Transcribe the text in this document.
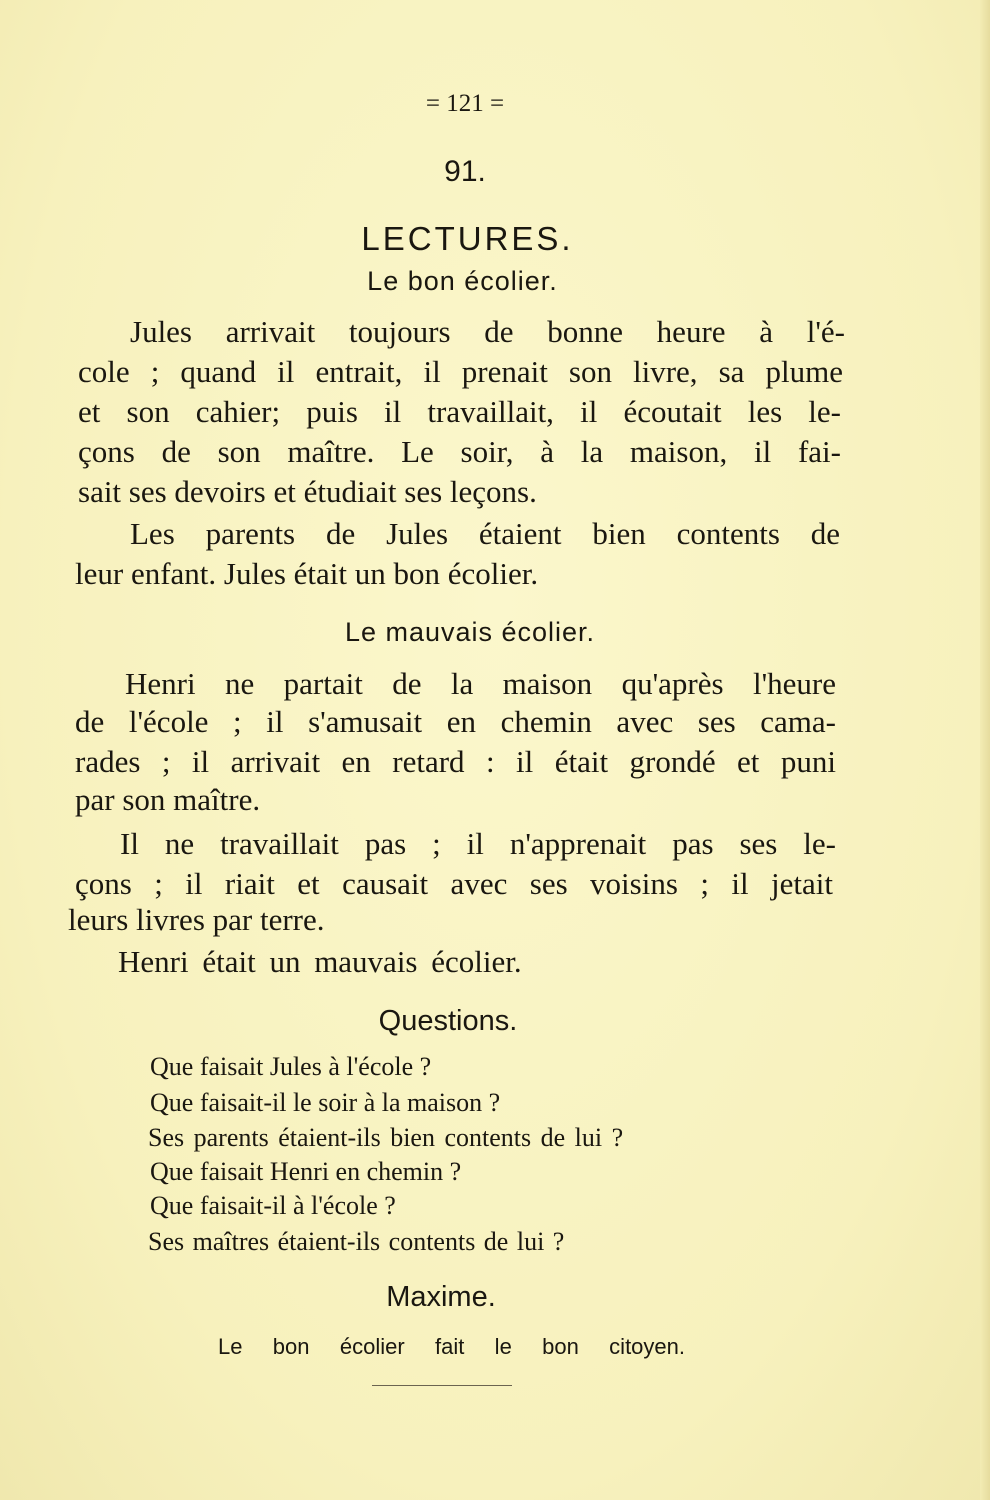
= 121 =
91.
LECTURES.
Le bon écolier.
Jules arrivait toujours de bonne heure à l'é-
cole ; quand il entrait, il prenait son livre, sa plume
et son cahier; puis il travaillait, il écoutait les le-
çons de son maître. Le soir, à la maison, il fai-
sait ses devoirs et étudiait ses leçons.
Les parents de Jules étaient bien contents de
leur enfant. Jules était un bon écolier.
Le mauvais écolier.
Henri ne partait de la maison qu'après l'heure
de l'école ; il s'amusait en chemin avec ses cama-
rades ; il arrivait en retard : il était grondé et puni
par son maître.
Il ne travaillait pas ; il n'apprenait pas ses le-
çons ; il riait et causait avec ses voisins ; il jetait
leurs livres par terre.
Henri était un mauvais écolier.
Questions.
Que faisait Jules à l'école ?
Que faisait-il le soir à la maison ?
Ses parents étaient-ils bien contents de lui ?
Que faisait Henri en chemin ?
Que faisait-il à l'école ?
Ses maîtres étaient-ils contents de lui ?
Maxime.
Le bon écolier fait le bon citoyen.
